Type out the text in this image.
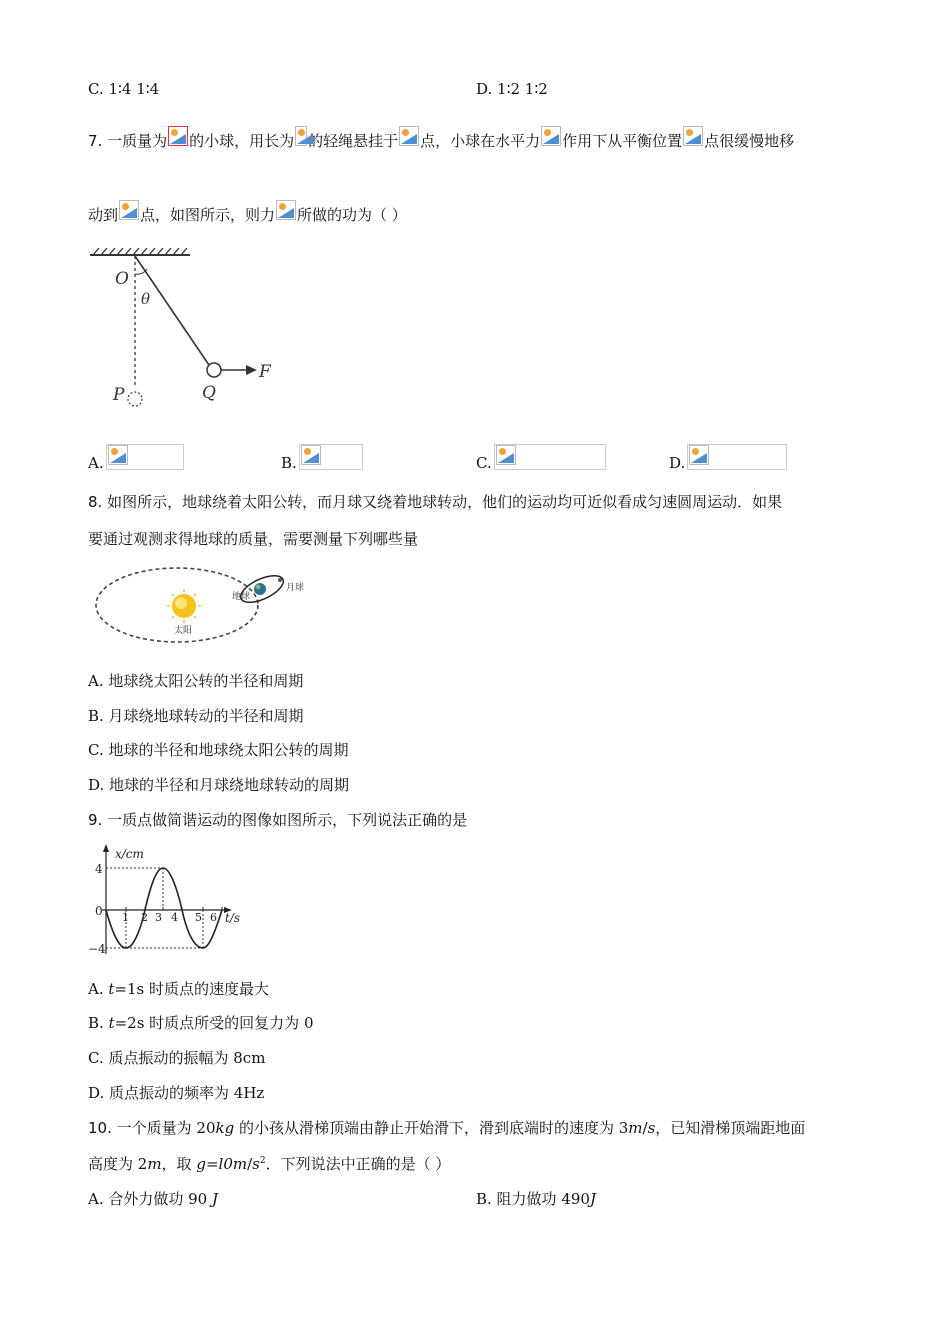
C. 1∶4 1∶4	D. 1∶2 1∶2
7. 一质量为 的小球，用长为 的轻绳悬挂于 点，小球在水平力 作用下从平衡位置 点很缓慢地移
动到 点，如图所示，则力 所做的功为（ ）
O
θ
P	Q
F
A.	B.	C.	D.
8. 如图所示，地球绕着太阳公转，而月球又绕着地球转动，他们的运动均可近似看成匀速圆周运动．如果
要通过观测求得地球的质量，需要测量下列哪些量
太阳
地球
月球
A. 地球绕太阳公转的半径和周期
B. 月球绕地球转动的半径和周期
C. 地球的半径和地球绕太阳公转的周期
D. 地球的半径和月球绕地球转动的周期
9. 一质点做简谐运动的图像如图所示，下列说法正确的是
x/cm
t/s
4
0
−4
1 2 3 4 5 6
A. t=1s 时质点的速度最大
B. t=2s 时质点所受的回复力为 0
C. 质点振动的振幅为 8cm
D. 质点振动的频率为 4Hz
10. 一个质量为 20kg 的小孩从滑梯顶端由静止开始滑下，滑到底端时的速度为 3m/s，已知滑梯顶端距地面
高度为 2m，取 $g=l0m/s^2$．下列说法中正确的是（ ）
A. 合外力做功 90 J	B. 阻力做功 490J
